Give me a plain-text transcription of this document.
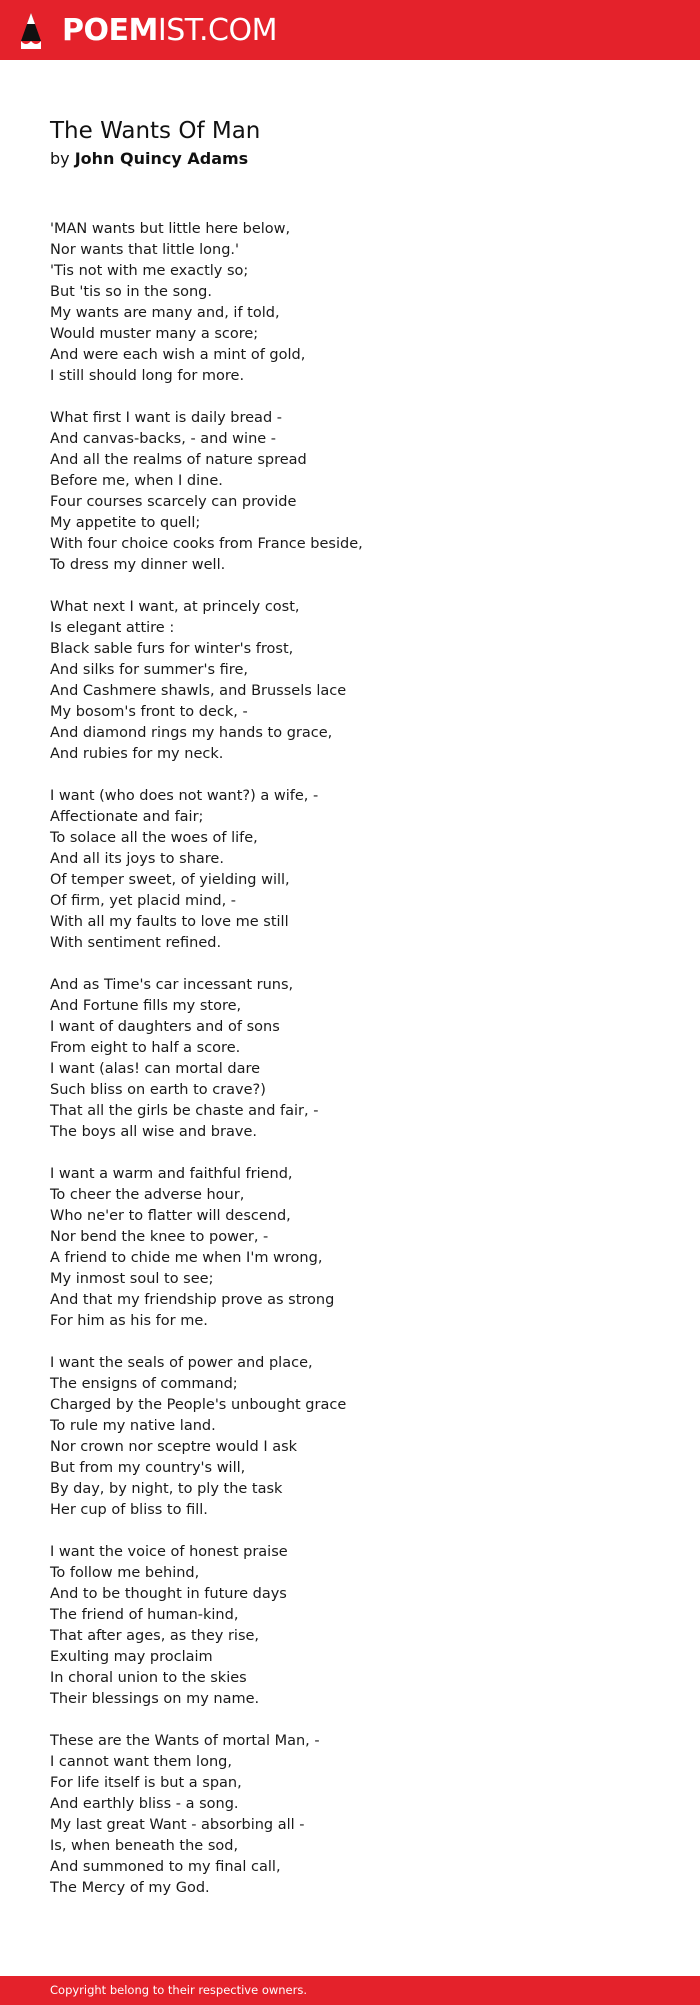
POEMIST.COM
The Wants Of Man
by John Quincy Adams
'MAN wants but little here below,
Nor wants that little long.'
'Tis not with me exactly so;
But 'tis so in the song.
My wants are many and, if told,
Would muster many a score;
And were each wish a mint of gold,
I still should long for more.
What first I want is daily bread -
And canvas-backs, - and wine -
And all the realms of nature spread
Before me, when I dine.
Four courses scarcely can provide
My appetite to quell;
With four choice cooks from France beside,
To dress my dinner well.
What next I want, at princely cost,
Is elegant attire :
Black sable furs for winter's frost,
And silks for summer's fire,
And Cashmere shawls, and Brussels lace
My bosom's front to deck, -
And diamond rings my hands to grace,
And rubies for my neck.
I want (who does not want?) a wife, -
Affectionate and fair;
To solace all the woes of life,
And all its joys to share.
Of temper sweet, of yielding will,
Of firm, yet placid mind, -
With all my faults to love me still
With sentiment refined.
And as Time's car incessant runs,
And Fortune fills my store,
I want of daughters and of sons
From eight to half a score.
I want (alas! can mortal dare
Such bliss on earth to crave?)
That all the girls be chaste and fair, -
The boys all wise and brave.
I want a warm and faithful friend,
To cheer the adverse hour,
Who ne'er to flatter will descend,
Nor bend the knee to power, -
A friend to chide me when I'm wrong,
My inmost soul to see;
And that my friendship prove as strong
For him as his for me.
I want the seals of power and place,
The ensigns of command;
Charged by the People's unbought grace
To rule my native land.
Nor crown nor sceptre would I ask
But from my country's will,
By day, by night, to ply the task
Her cup of bliss to fill.
I want the voice of honest praise
To follow me behind,
And to be thought in future days
The friend of human-kind,
That after ages, as they rise,
Exulting may proclaim
In choral union to the skies
Their blessings on my name.
These are the Wants of mortal Man, -
I cannot want them long,
For life itself is but a span,
And earthly bliss - a song.
My last great Want - absorbing all -
Is, when beneath the sod,
And summoned to my final call,
The Mercy of my God.
Copyright belong to their respective owners.
